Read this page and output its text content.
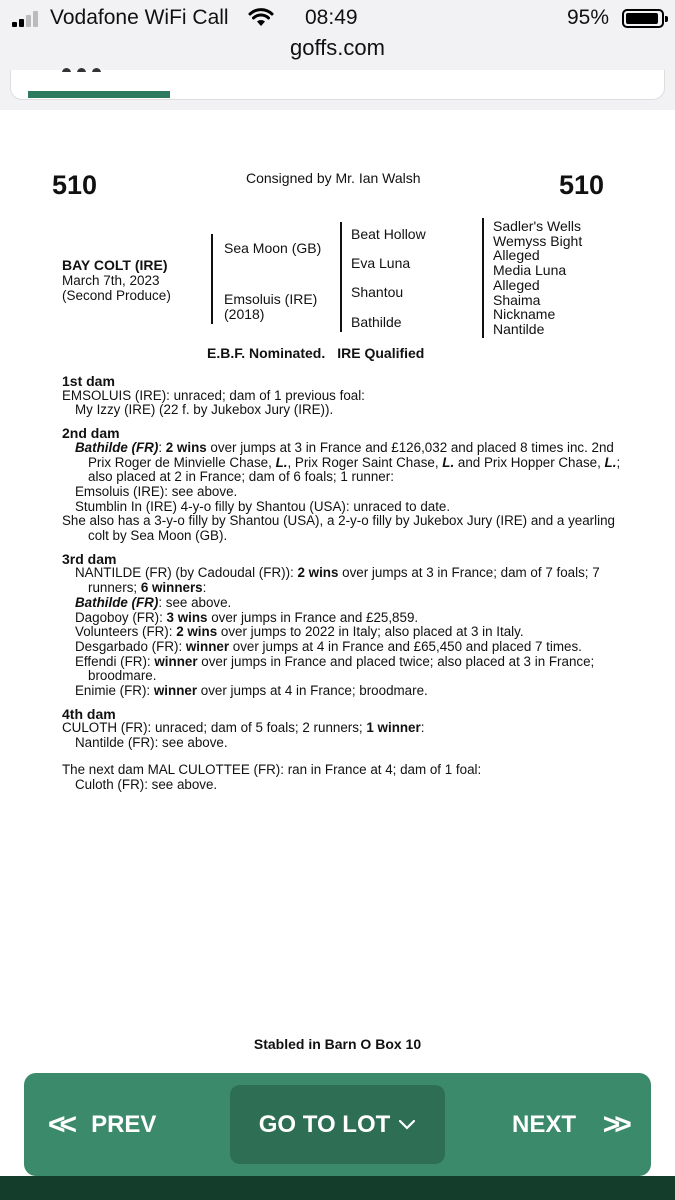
Vodafone WiFi Call	08:49	95%
goffs.com
510	Consigned by Mr. Ian Walsh	510
BAY COLT (IRE)
March 7th, 2023
(Second Produce)
Sea Moon (GB)
Emsoluis (IRE)
(2018)
Beat Hollow
Eva Luna
Shantou
Bathilde
Sadler's Wells
Wemyss Bight
Alleged
Media Luna
Alleged
Shaima
Nickname
Nantilde
E.B.F. Nominated. IRE Qualified
1st dam

EMSOLUIS (IRE): unraced; dam of 1 previous foal:

My Izzy (IRE) (22 f. by Jukebox Jury (IRE)).

2nd dam

Bathilde (FR): 2 wins over jumps at 3 in France and £126,032 and placed 8 times inc. 2nd Prix Roger de Minvielle Chase, L., Prix Roger Saint Chase, L. and Prix Hopper Chase, L.; also placed at 2 in France; dam of 6 foals; 1 runner:

Emsoluis (IRE): see above.

Stumblin In (IRE) 4-y-o filly by Shantou (USA): unraced to date.

She also has a 3-y-o filly by Shantou (USA), a 2-y-o filly by Jukebox Jury (IRE) and a yearling colt by Sea Moon (GB).

3rd dam

NANTILDE (FR) (by Cadoudal (FR)): 2 wins over jumps at 3 in France; dam of 7 foals; 7 runners; 6 winners:

Bathilde (FR): see above.

Dagoboy (FR): 3 wins over jumps in France and £25,859.

Volunteers (FR): 2 wins over jumps to 2022 in Italy; also placed at 3 in Italy.

Desgarbado (FR): winner over jumps at 4 in France and £65,450 and placed 7 times.

Effendi (FR): winner over jumps in France and placed twice; also placed at 3 in France; broodmare.

Enimie (FR): winner over jumps at 4 in France; broodmare.

4th dam

CULOTH (FR): unraced; dam of 5 foals; 2 runners; 1 winner:

Nantilde (FR): see above.

The next dam MAL CULOTTEE (FR): ran in France at 4; dam of 1 foal:

Culoth (FR): see above.

Stabled in Barn O Box 10
<< PREV	GO TO LOT	NEXT >>
